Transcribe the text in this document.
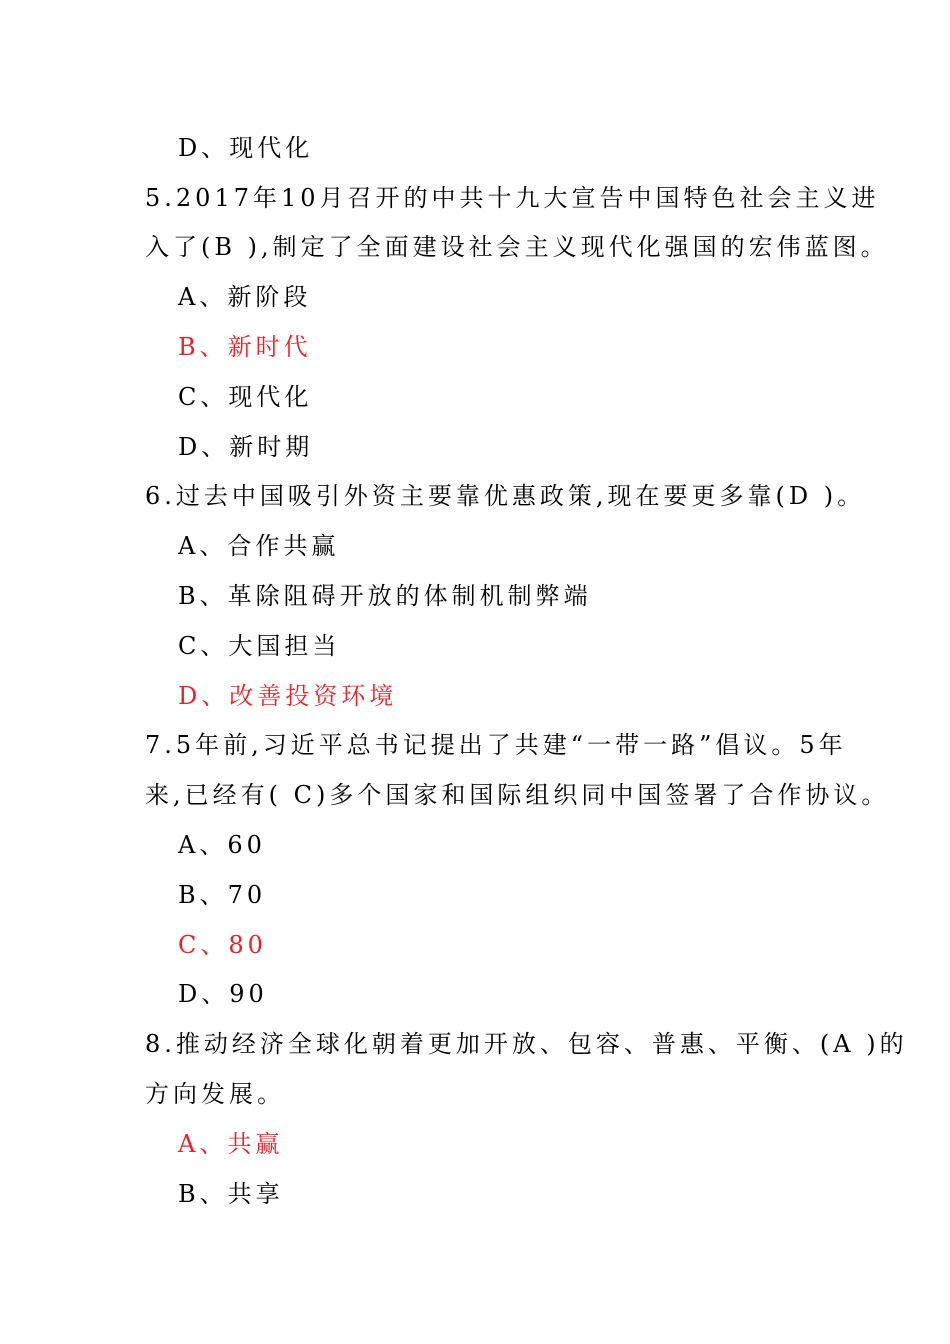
D、现代化
5.2017年10月召开的中共十九大宣告中国特色社会主义进
入了(B ),制定了全面建设社会主义现代化强国的宏伟蓝图。
A、新阶段
B、新时代
C、现代化
D、新时期
6.过去中国吸引外资主要靠优惠政策,现在要更多靠(D )。
A、合作共赢
B、革除阻碍开放的体制机制弊端
C、大国担当
D、改善投资环境
7.5年前,习近平总书记提出了共建“一带一路”倡议。5年
来,已经有( C)多个国家和国际组织同中国签署了合作协议。
A、60
B、70
C、80
D、90
8.推动经济全球化朝着更加开放、包容、普惠、平衡、(A )的
方向发展。
A、共赢
B、共享
